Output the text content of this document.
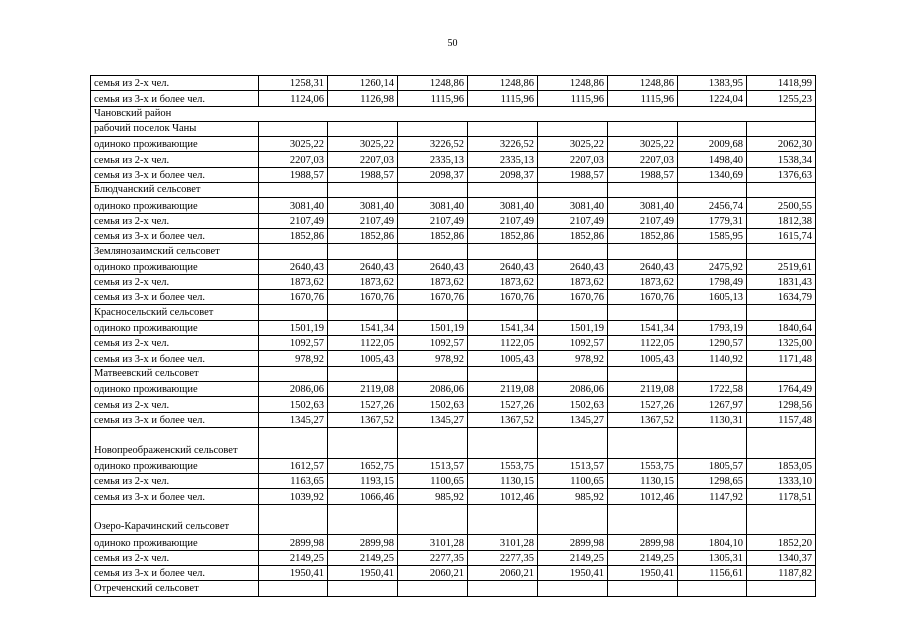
50
семья из 2-х чел.	1258,31	1260,14	1248,86	1248,86	1248,86	1248,86	1383,95	1418,99
семья из 3-х и более чел.	1124,06	1126,98	1115,96	1115,96	1115,96	1115,96	1224,04	1255,23
Чановский район								
рабочий поселок Чаны								
одиноко проживающие	3025,22	3025,22	3226,52	3226,52	3025,22	3025,22	2009,68	2062,30
семья из 2-х чел.	2207,03	2207,03	2335,13	2335,13	2207,03	2207,03	1498,40	1538,34
семья из 3-х и более чел.	1988,57	1988,57	2098,37	2098,37	1988,57	1988,57	1340,69	1376,63
Блюдчанский сельсовет								
одиноко проживающие	3081,40	3081,40	3081,40	3081,40	3081,40	3081,40	2456,74	2500,55
семья из 2-х чел.	2107,49	2107,49	2107,49	2107,49	2107,49	2107,49	1779,31	1812,38
семья из 3-х и более чел.	1852,86	1852,86	1852,86	1852,86	1852,86	1852,86	1585,95	1615,74
Землянозаимский сельсовет								
одиноко проживающие	2640,43	2640,43	2640,43	2640,43	2640,43	2640,43	2475,92	2519,61
семья из 2-х чел.	1873,62	1873,62	1873,62	1873,62	1873,62	1873,62	1798,49	1831,43
семья из 3-х и более чел.	1670,76	1670,76	1670,76	1670,76	1670,76	1670,76	1605,13	1634,79
Красносельский сельсовет								
одиноко проживающие	1501,19	1541,34	1501,19	1541,34	1501,19	1541,34	1793,19	1840,64
семья из 2-х чел.	1092,57	1122,05	1092,57	1122,05	1092,57	1122,05	1290,57	1325,00
семья из 3-х и более чел.	978,92	1005,43	978,92	1005,43	978,92	1005,43	1140,92	1171,48
Матвеевский сельсовет								
одиноко проживающие	2086,06	2119,08	2086,06	2119,08	2086,06	2119,08	1722,58	1764,49
семья из 2-х чел.	1502,63	1527,26	1502,63	1527,26	1502,63	1527,26	1267,97	1298,56
семья из 3-х и более чел.	1345,27	1367,52	1345,27	1367,52	1345,27	1367,52	1130,31	1157,48
Новопреображенский сельсовет								
одиноко проживающие	1612,57	1652,75	1513,57	1553,75	1513,57	1553,75	1805,57	1853,05
семья из 2-х чел.	1163,65	1193,15	1100,65	1130,15	1100,65	1130,15	1298,65	1333,10
семья из 3-х и более чел.	1039,92	1066,46	985,92	1012,46	985,92	1012,46	1147,92	1178,51
Озеро-Карачинский сельсовет								
одиноко проживающие	2899,98	2899,98	3101,28	3101,28	2899,98	2899,98	1804,10	1852,20
семья из 2-х чел.	2149,25	2149,25	2277,35	2277,35	2149,25	2149,25	1305,31	1340,37
семья из 3-х и более чел.	1950,41	1950,41	2060,21	2060,21	1950,41	1950,41	1156,61	1187,82
Отреченский сельсовет								
